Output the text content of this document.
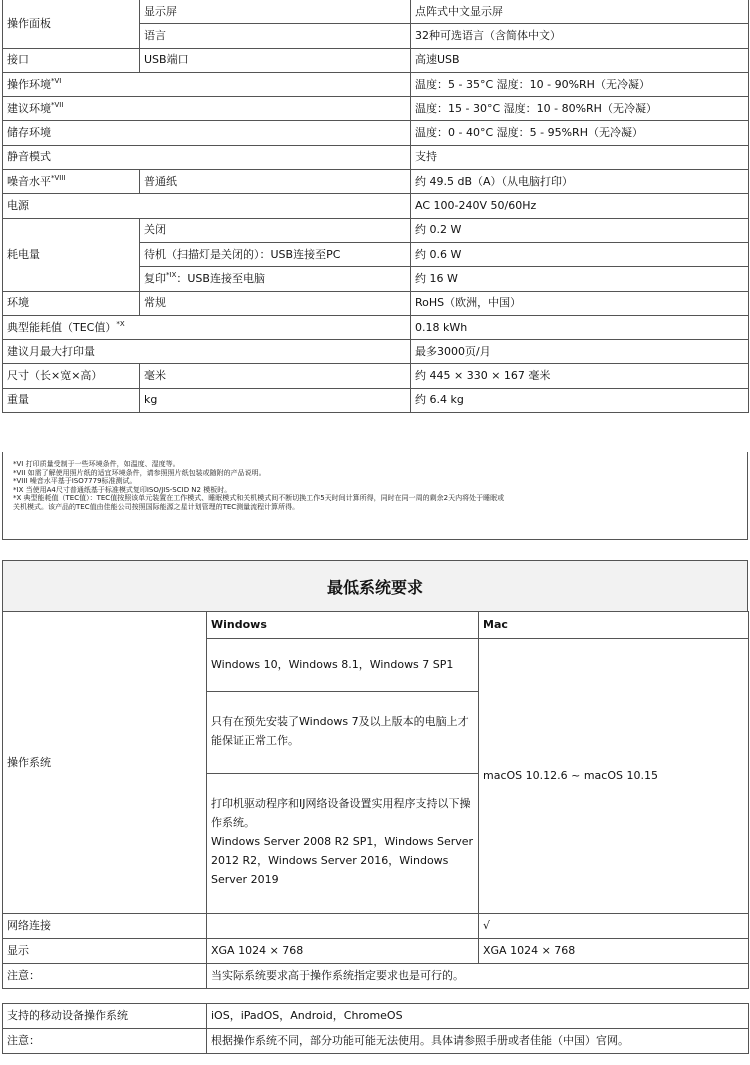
操作面板	显示屏	点阵式中文显示屏
	语言	32种可选语言（含简体中文）
接口	USB端口	高速USB
操作环境$^{*VI}$		温度：5 - 35°C 湿度：10 - 90%RH（无冷凝）
建议环境$^{*VII}$		温度：15 - 30°C 湿度：10 - 80%RH（无冷凝）
储存环境		温度：0 - 40°C 湿度：5 - 95%RH（无冷凝）
静音模式		支持
噪音水平$^{*VIII}$	普通纸	约 49.5 dB（A）（从电脑打印）
电源		AC 100-240V 50/60Hz
耗电量	关闭	约 0.2 W
	待机（扫描灯是关闭的）：USB连接至PC	约 0.6 W
	复印$^{*IX}$：USB连接至电脑	约 16 W
环境	常规	RoHS（欧洲，中国）
典型能耗值（TEC值）$^{*X}$		0.18 kWh
建议月最大打印量		最多3000页/月
尺寸（长×宽×高）	毫米	约 445 × 330 × 167 毫米
重量	kg	约 6.4 kg
*VI 打印质量受制于一些环境条件，如温度、湿度等。
*VII 如需了解使用照片纸的适宜环境条件，请参照照片纸包装或随附的产品说明。
*VIII 噪音水平基于ISO7779标准测试。
*IX 当使用A4尺寸普通纸基于标准模式复印ISO/JIS-SCID N2 模板时。
*X 典型能耗值（TEC值）：TEC值按照该单元装置在工作模式、睡眠模式和关机模式间不断切换工作5天时间计算所得，同时在同一周的剩余2天内将处于睡眠或
关机模式。该产品的TEC值由佳能公司按照国际能源之星计划管理的TEC测量流程计算所得。
最低系统要求
操作系统	Windows	Mac
	Windows 10，Windows 8.1，Windows 7 SP1	macOS 10.12.6 ~ macOS 10.15
	只有在预先安装了Windows 7及以上版本的电脑上才能保证正常工作。	

	打印机驱动程序和IJ网络设备设置实用程序支持以下操作系统。
Windows Server 2008 R2 SP1，Windows Server 2012 R2，Windows Server 2016，Windows Server 2019	

网络连接		√
显示	XGA 1024 × 768	XGA 1024 × 768
注意：	当实际系统要求高于操作系统指定要求也是可行的。	
支持的移动设备操作系统	iOS，iPadOS，Android，ChromeOS
注意：	根据操作系统不同，部分功能可能无法使用。具体请参照手册或者佳能（中国）官网。
